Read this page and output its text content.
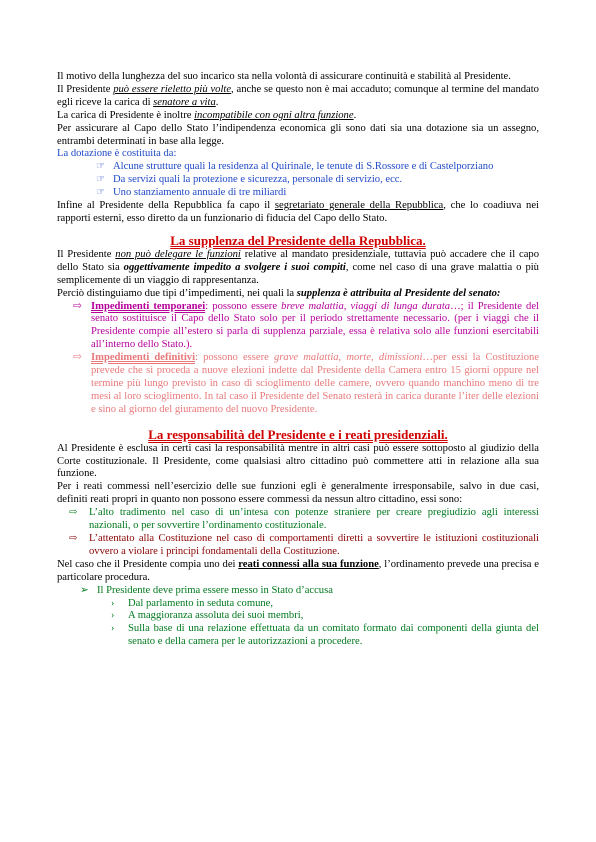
Il motivo della lunghezza del suo incarico sta nella volontà di assicurare continuità e stabilità al Presidente.

Il Presidente può essere rieletto più volte, anche se questo non è mai accaduto; comunque al termine del mandato egli riceve la carica di senatore a vita.

La carica di Presidente è inoltre incompatibile con ogni altra funzione.

Per assicurare al Capo dello Stato l’indipendenza economica gli sono dati sia una dotazione sia un assegno, entrambi determinati in base alla legge.

La dotazione è costituita da:

☞ Alcune strutture quali la residenza al Quirinale, le tenute di S.Rossore e di Castelporziano
☞ Da servizi quali la protezione e sicurezza, personale di servizio, ecc.
☞ Uno stanziamento annuale di tre miliardi

Infine al Presidente della Repubblica fa capo il segretariato generale della Repubblica, che lo coadiuva nei rapporti esterni, esso diretto da un funzionario di fiducia del Capo dello Stato.

La supplenza del Presidente della Repubblica.

Il Presidente non può delegare le funzioni relative al mandato presidenziale, tuttavia può accadere che il capo dello Stato sia oggettivamente impedito a svolgere i suoi compiti, come nel caso di una grave malattia o più semplicemente di un viaggio di rappresentanza.

Perciò distinguiamo due tipi d’impedimenti, nei quali la supplenza è attribuita al Presidente del senato:

⇨ Impedimenti temporanei: possono essere breve malattia, viaggi di lunga durata…; il Presidente del senato sostituisce il Capo dello Stato solo per il periodo strettamente necessario. (per i viaggi che il Presidente compie all’estero si parla di supplenza parziale, essa è relativa solo alle funzioni esercitabili all’interno dello Stato.).
⇨ Impedimenti definitivi: possono essere grave malattia, morte, dimissioni…per essi la Costituzione prevede che si proceda a nuove elezioni indette dal Presidente della Camera entro 15 giorni oppure nel termine più lungo previsto in caso di scioglimento delle camere, ovvero quando manchino meno di tre mesi al loro scioglimento. In tal caso il Presidente del Senato resterà in carica durante l’iter delle elezioni e sino al giorno del giuramento del nuovo Presidente.
La responsabilità del Presidente e i reati presidenziali.

Al Presidente è esclusa in certi casi la responsabilità mentre in altri casi può essere sottoposto al giudizio della Corte costituzionale. Il Presidente, come qualsiasi altro cittadino può commettere atti in relazione alla sua funzione.

Per i reati commessi nell’esercizio delle sue funzioni egli è generalmente irresponsabile, salvo in due casi, definiti reati propri in quanto non possono essere commessi da nessun altro cittadino, essi sono:

⇨ L’alto tradimento nel caso di un’intesa con potenze straniere per creare pregiudizio agli interessi nazionali, o per sovvertire l’ordinamento costituzionale.
⇨ L’attentato alla Costituzione nel caso di comportamenti diretti a sovvertire le istituzioni costituzionali ovvero a violare i principi fondamentali della Costituzione.

Nel caso che il Presidente compia uno dei reati connessi alla sua funzione, l’ordinamento prevede una precisa e particolare procedura.

➢ Il Presidente deve prima essere messo in Stato d’accusa
› Dal parlamento in seduta comune,
› A maggioranza assoluta dei suoi membri,
› Sulla base di una relazione effettuata da un comitato formato dai componenti della giunta del senato e della camera per le autorizzazioni a procedere.
